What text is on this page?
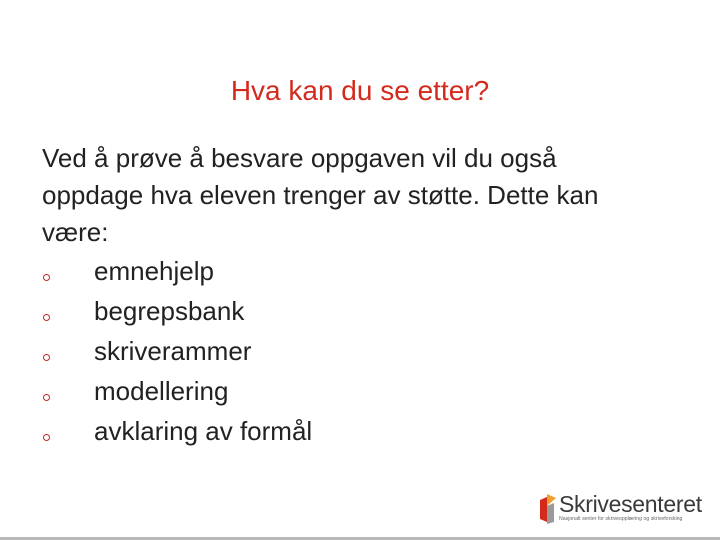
Hva kan du se etter?

Ved å prøve å besvare oppgaven vil du også oppdage hva eleven trenger av støtte. Dette kan være:

emnehjelp
begrepsbank
skriverammer
modellering
avklaring av formål
Skrivesenteret
Nasjonalt senter for skriveopplæring og skriveforsking
